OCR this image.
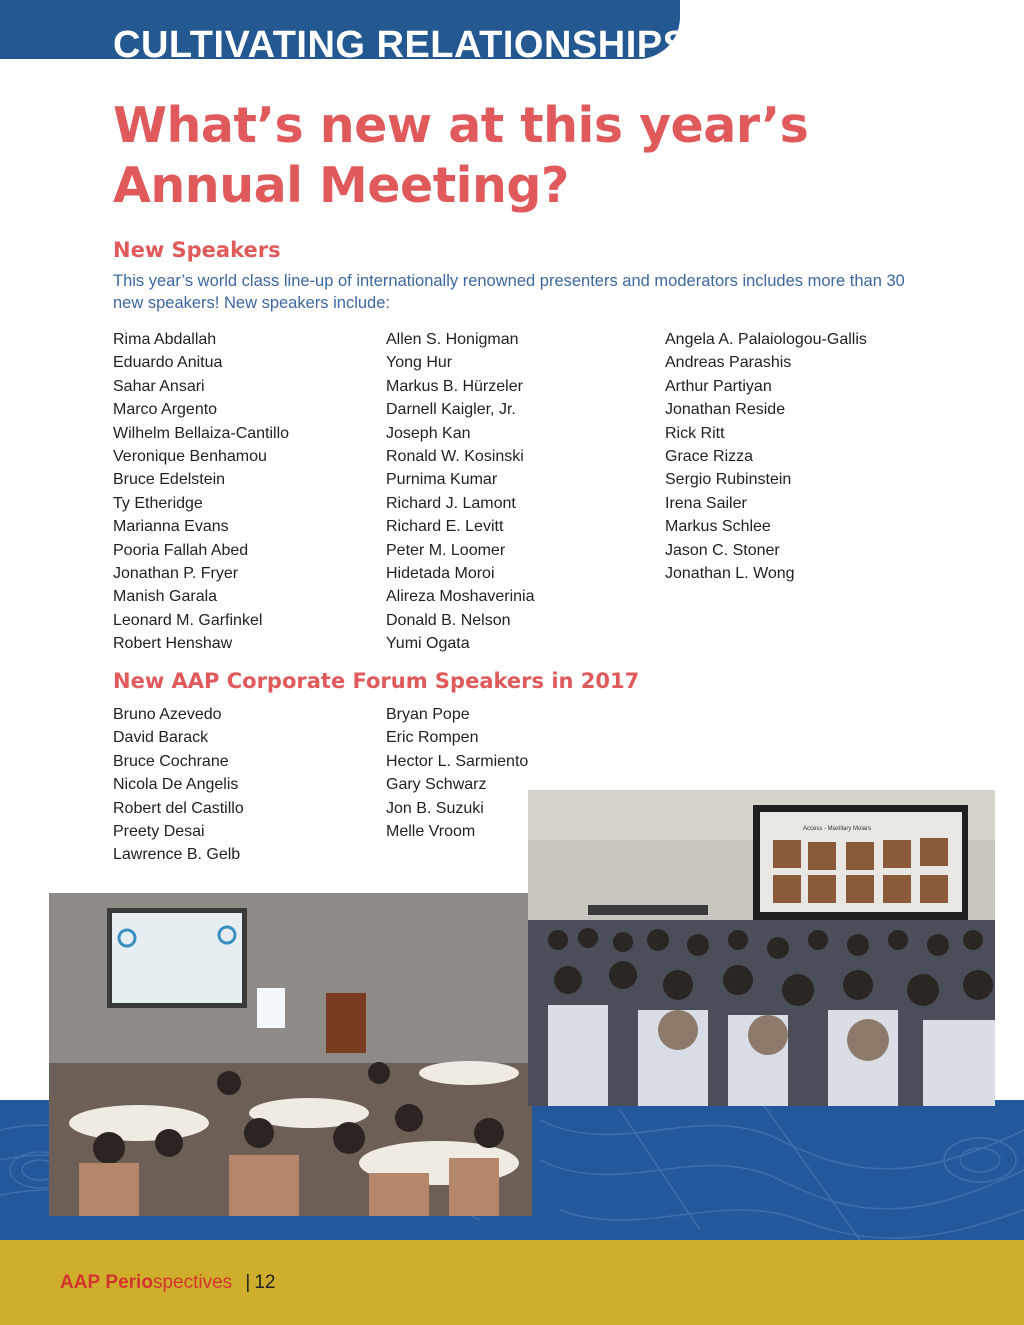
CULTIVATING RELATIONSHIPS
What’s new at this year’s Annual Meeting?
New Speakers
This year’s world class line-up of internationally renowned presenters and moderators includes more than 30 new speakers! New speakers include:
Rima Abdallah
Eduardo Anitua
Sahar Ansari
Marco Argento
Wilhelm Bellaiza-Cantillo
Veronique Benhamou
Bruce Edelstein
Ty Etheridge
Marianna Evans
Pooria Fallah Abed
Jonathan P. Fryer
Manish Garala
Leonard M. Garfinkel
Robert Henshaw
Allen S. Honigman
Yong Hur
Markus B. Hürzeler
Darnell Kaigler, Jr.
Joseph Kan
Ronald W. Kosinski
Purnima Kumar
Richard J. Lamont
Richard E. Levitt
Peter M. Loomer
Hidetada Moroi
Alireza Moshaverinia
Donald B. Nelson
Yumi Ogata
Angela A. Palaiologou-Gallis
Andreas Parashis
Arthur Partiyan
Jonathan Reside
Rick Ritt
Grace Rizza
Sergio Rubinstein
Irena Sailer
Markus Schlee
Jason C. Stoner
Jonathan L. Wong
New AAP Corporate Forum Speakers in 2017
Bruno Azevedo
David Barack
Bruce Cochrane
Nicola De Angelis
Robert del Castillo
Preety Desai
Lawrence B. Gelb
Bryan Pope
Eric Rompen
Hector L. Sarmiento
Gary Schwarz
Jon B. Suzuki
Melle Vroom	Access - Maxillary Molars
AAP Periospectives | 12
